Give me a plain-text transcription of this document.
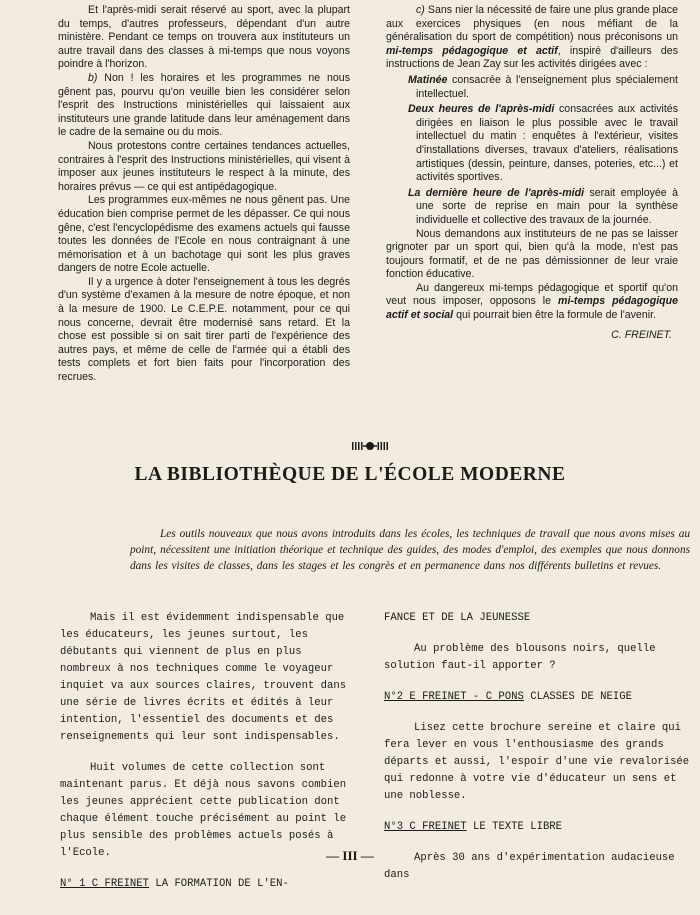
Et l'après-midi serait réservé au sport, avec la plupart du temps, d'autres professeurs, dépendant d'un autre ministère. Pendant ce temps on trouvera aux instituteurs un autre travail dans des classes à mi-temps que nous voyons poindre à l'horizon.

b) Non ! les horaires et les programmes ne nous gênent pas, pourvu qu'on veuille bien les considérer selon l'esprit des Instructions ministérielles qui laissaient aux instituteurs une grande latitude dans leur aménagement dans le cadre de la semaine ou du mois.

Nous protestons contre certaines tendances actuelles, contraires à l'esprit des Instructions ministérielles, qui visent à imposer aux jeunes instituteurs le respect à la minute, des horaires prévus — ce qui est antipédagogique.

Les programmes eux-mêmes ne nous gênent pas. Une éducation bien comprise permet de les dépasser. Ce qui nous gêne, c'est l'encyclopédisme des examens actuels qui fausse toutes les données de l'Ecole en nous contraignant à une mémorisation et à un bachotage qui sont les plus graves dangers de notre Ecole actuelle.

Il y a urgence à doter l'enseignement à tous les degrés d'un système d'examen à la mesure de notre époque, et non à la mesure de 1900. Le C.E.P.E. notamment, pour ce qui nous concerne, devrait être modernisé sans retard. Et la chose est possible si on sait tirer parti de l'expérience des autres pays, et même de celle de l'armée qui a établi des tests complets et fort bien faits pour l'incorporation des recrues.

c) Sans nier la nécessité de faire une plus grande place aux exercices physiques (en nous méfiant de la généralisation du sport de compétition) nous préconisons un mi-temps pédagogique et actif, inspiré d'ailleurs des instructions de Jean Zay sur les activités dirigées avec :

Matinée consacrée à l'enseignement plus spécialement intellectuel.

Deux heures de l'après-midi consacrées aux activités dirigées en liaison le plus possible avec le travail intellectuel du matin : enquêtes à l'extérieur, visites d'installations diverses, travaux d'ateliers, réalisations artistiques (dessin, peinture, danses, poteries, etc...) et activités sportives.

La dernière heure de l'après-midi serait employée à une sorte de reprise en main pour la synthèse individuelle et collective des travaux de la journée.

Nous demandons aux instituteurs de ne pas se laisser grignoter par un sport qui, bien qu'à la mode, n'est pas toujours formatif, et de ne pas démissionner de leur vraie fonction éducative.

Au dangereux mi-temps pédagogique et sportif qu'on veut nous imposer, opposons le mi-temps pédagogique actif et social qui pourrait bien être la formule de l'avenir.

C. FREINET.

LA BIBLIOTHÈQUE DE L'ÉCOLE MODERNE

Les outils nouveaux que nous avons introduits dans les écoles, les techniques de travail que nous avons mises au point, nécessitent une initiation théorique et technique des guides, des modes d'emploi, des exemples que nous donnons dans les visites de classes, dans les stages et les congrès et en permanence dans nos différents bulletins et revues.

Mais il est évidemment indispensable que les éducateurs, les jeunes surtout, les débutants qui viennent de plus en plus nombreux à nos techniques comme le voyageur inquiet va aux sources claires, trouvent dans une série de livres écrits et édités à leur intention, l'essentiel des documents et des renseignements qui leur sont indispensables.

Huit volumes de cette collection sont maintenant parus. Et déjà nous savons combien les jeunes apprécient cette publication dont chaque élément touche précisément au point le plus sensible des problèmes actuels posés à l'Ecole.

N° 1 C FREINET LA FORMATION DE L'EN-

FANCE ET DE LA JEUNESSE

Au problème des blousons noirs, quelle solution faut-il apporter ?

N°2 E FREINET - C PONS CLASSES DE NEIGE

Lisez cette brochure sereine et claire qui fera lever en vous l'enthousiasme des grands départs et aussi, l'espoir d'une vie revalorisée qui redonne à votre vie d'éducateur un sens et une noblesse.

N°3 C FREINET LE TEXTE LIBRE

Après 30 ans d'expérimentation audacieuse dans

— III —
